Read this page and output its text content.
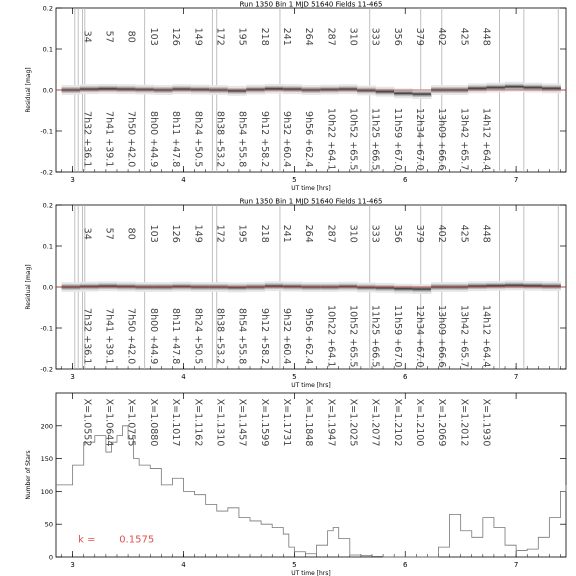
3	4	5	6	7
-0.2
-0.1
0.0
0.1
0.2
UT time [hrs]
Residual [mag]
Run 1350 Bin 1 MJD 51640 Fields 11-465
34
7h32 +36.1
57
7h41 +39.1
80
7h50 +42.0
103
8h00 +44.9
126
8h11 +47.8
149
8h24 +50.5
172
8h38 +53.2
195
8h54 +55.8
218
9h12 +58.2
241
9h32 +60.4
264
9h56 +62.4
287
10h22 +64.1
310
10h52 +65.5
333
11h25 +66.5
356
11h59 +67.0
379
12h34 +67.0
402
13h09 +66.6
425
13h42 +65.7
448
14h12 +64.4
3	4	5	6	7
-0.2
-0.1
0.0
0.1
0.2
UT time [hrs]
Residual [mag]
Run 1350 Bin 1 MJD 51640 Fields 11-465
34
7h32 +36.1
57
7h41 +39.1
80
7h50 +42.0
103
8h00 +44.9
126
8h11 +47.8
149
8h24 +50.5
172
8h38 +53.2
195
8h54 +55.8
218
9h12 +58.2
241
9h32 +60.4
264
9h56 +62.4
287
10h22 +64.1
310
10h52 +65.5
333
11h25 +66.5
356
11h59 +67.0
379
12h34 +67.0
402
13h09 +66.6
425
13h42 +65.7
448
14h12 +64.4
3	4	5	6	7
0
50
100
150
200
UT time [hrs]
Number of Stars
X=1.0552 X=1.0644 X=1.0755 X=1.0880 X=1.1017 X=1.1162 X=1.1310 X=1.1457 X=1.1599 X=1.1731 X=1.1848 X=1.1947 X=1.2025 X=1.2077 X=1.2102 X=1.2100 X=1.2069 X=1.2012 X=1.1930
k = 0.1575
